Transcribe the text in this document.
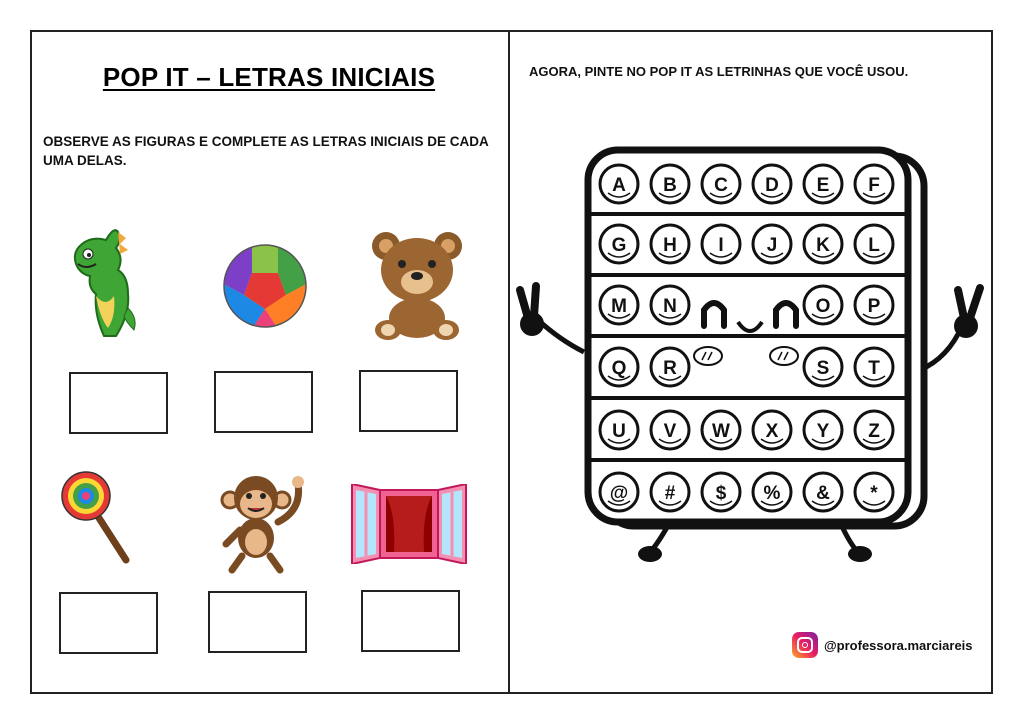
POP IT – LETRAS INICIAIS
OBSERVE AS FIGURAS E COMPLETE AS LETRAS INICIAIS DE CADA UMA DELAS.
AGORA, PINTE NO POP IT AS LETRINHAS QUE VOCÊ USOU.
A B C D E F
G H I J K L
M N	O P
Q R	S T
U V W X Y Z
@ # $ % & *
@professora.marciareis
